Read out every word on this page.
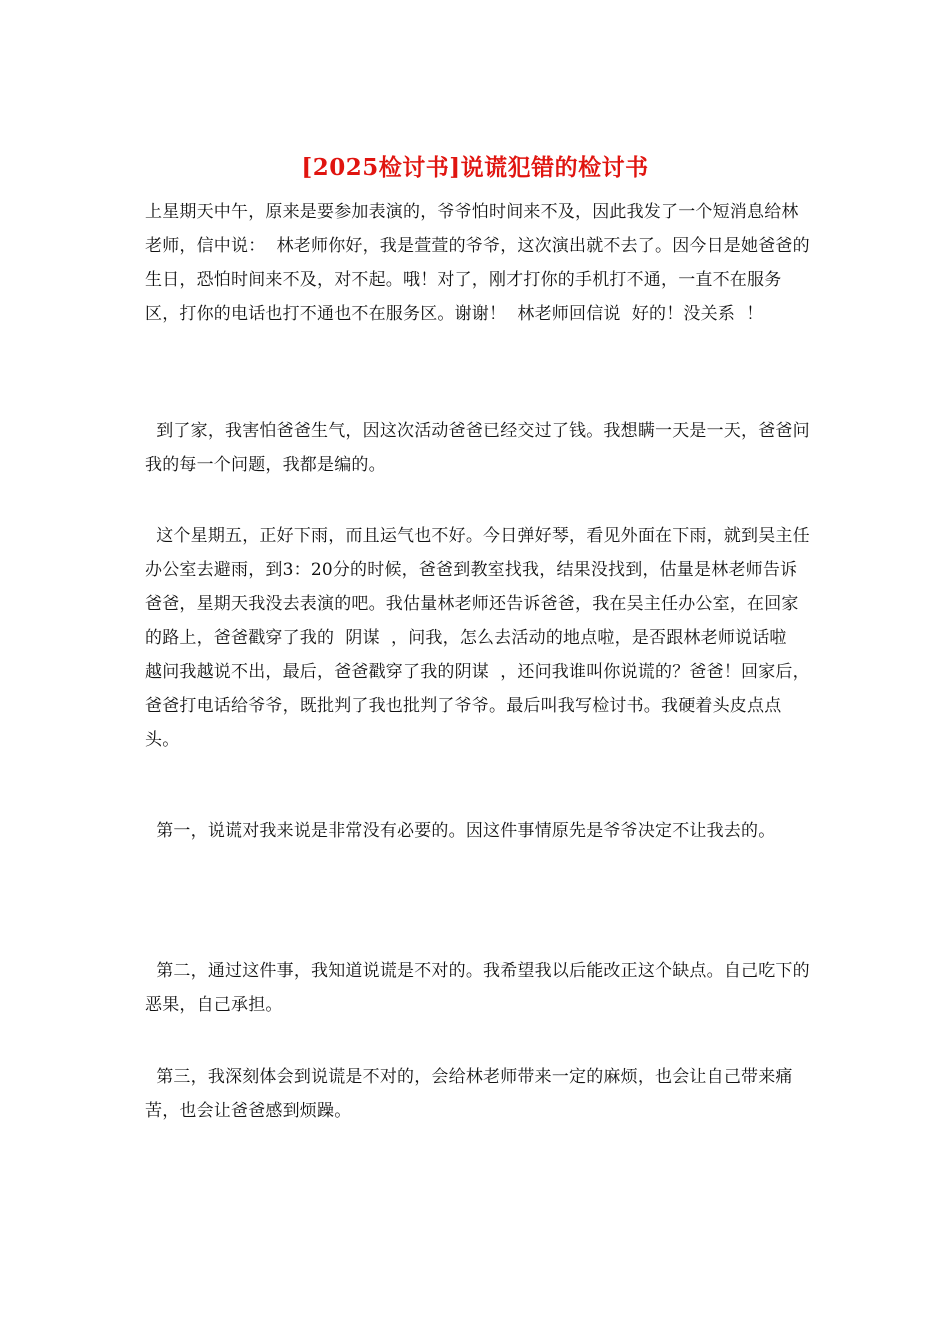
[2025检讨书]说谎犯错的检讨书
上星期天中午，原来是要参加表演的，爷爷怕时间来不及，因此我发了一个短消息给林老师，信中说：  林老师你好，我是萱萱的爷爷，这次演出就不去了。因今日是她爸爸的生日，恐怕时间来不及，对不起。哦！对了，刚才打你的手机打不通，一直不在服务区，打你的电话也打不通也不在服务区。谢谢！  林老师回信说  好的！没关系  ！
到了家，我害怕爸爸生气，因这次活动爸爸已经交过了钱。我想瞒一天是一天，爸爸问我的每一个问题，我都是编的。
这个星期五，正好下雨，而且运气也不好。今日弹好琴，看见外面在下雨，就到吴主任办公室去避雨，到3：20分的时候，爸爸到教室找我，结果没找到，估量是林老师告诉爸爸，星期天我没去表演的吧。我估量林老师还告诉爸爸，我在吴主任办公室，在回家的路上，爸爸戳穿了我的  阴谋  ，问我，怎么去活动的地点啦，是否跟林老师说话啦  越问我越说不出，最后，爸爸戳穿了我的阴谋  ，还问我谁叫你说谎的？爸爸！回家后，爸爸打电话给爷爷，既批判了我也批判了爷爷。最后叫我写检讨书。我硬着头皮点点头。
第一，说谎对我来说是非常没有必要的。因这件事情原先是爷爷决定不让我去的。
第二，通过这件事，我知道说谎是不对的。我希望我以后能改正这个缺点。自己吃下的恶果，自己承担。
第三，我深刻体会到说谎是不对的，会给林老师带来一定的麻烦，也会让自己带来痛苦，也会让爸爸感到烦躁。
